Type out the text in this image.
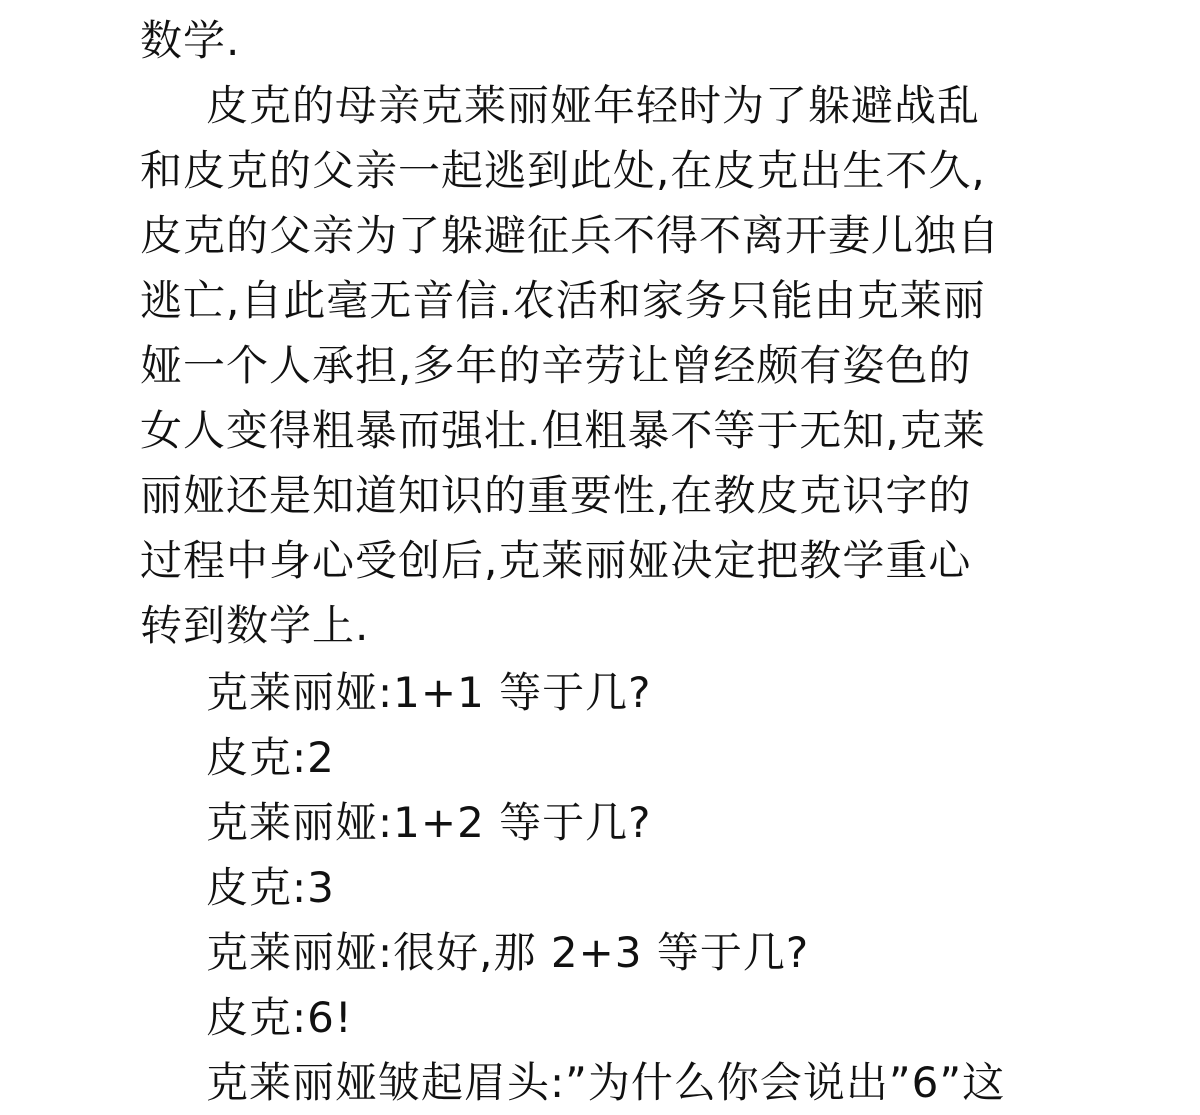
数学.
皮克的母亲克莱丽娅年轻时为了躲避战乱
和皮克的父亲一起逃到此处,在皮克出生不久,
皮克的父亲为了躲避征兵不得不离开妻儿独自
逃亡,自此毫无音信.农活和家务只能由克莱丽
娅一个人承担,多年的辛劳让曾经颇有姿色的
女人变得粗暴而强壮.但粗暴不等于无知,克莱
丽娅还是知道知识的重要性,在教皮克识字的
过程中身心受创后,克莱丽娅决定把教学重心
转到数学上.
克莱丽娅:1+1 等于几?
皮克:2
克莱丽娅:1+2 等于几?
皮克:3
克莱丽娅:很好,那 2+3 等于几?
皮克:6!
克莱丽娅皱起眉头:”为什么你会说出”6”这
